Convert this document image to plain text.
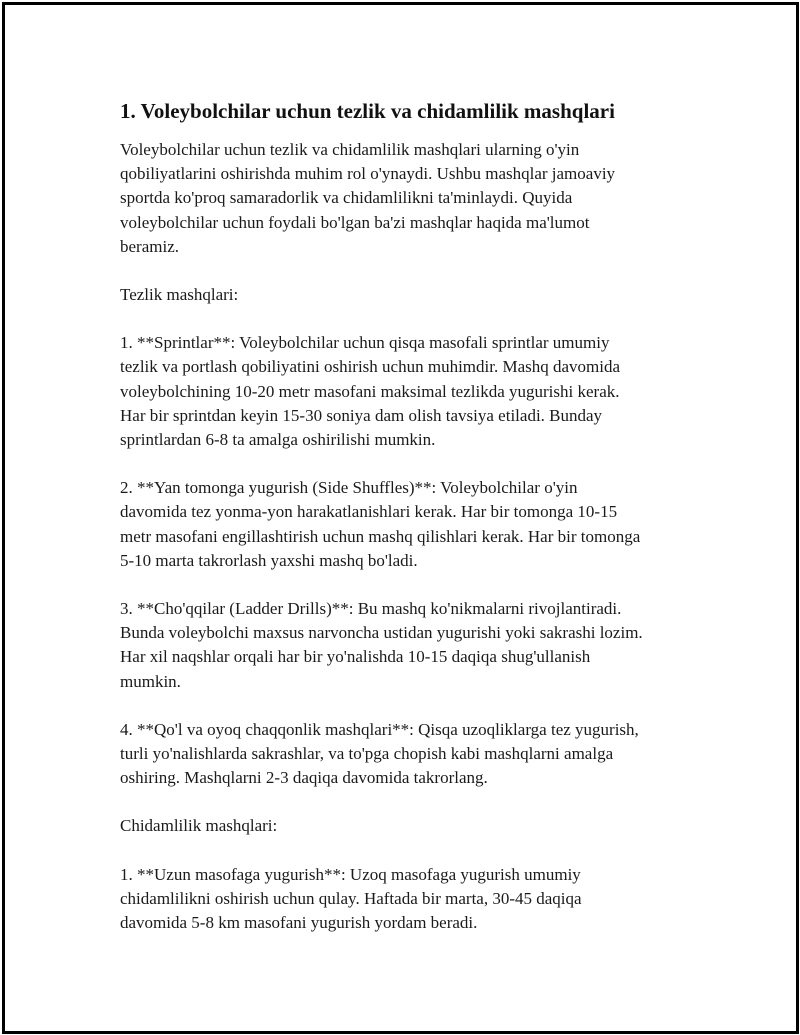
1. Voleybolchilar uchun tezlik va chidamlilik mashqlari

Voleybolchilar uchun tezlik va chidamlilik mashqlari ularning o'yin
qobiliyatlarini oshirishda muhim rol o'ynaydi. Ushbu mashqlar jamoaviy
sportda ko'proq samaradorlik va chidamlilikni ta'minlaydi. Quyida
voleybolchilar uchun foydali bo'lgan ba'zi mashqlar haqida ma'lumot
beramiz.

Tezlik mashqlari:

1. **Sprintlar**: Voleybolchilar uchun qisqa masofali sprintlar umumiy
tezlik va portlash qobiliyatini oshirish uchun muhimdir. Mashq davomida
voleybolchining 10-20 metr masofani maksimal tezlikda yugurishi kerak.
Har bir sprintdan keyin 15-30 soniya dam olish tavsiya etiladi. Bunday
sprintlardan 6-8 ta amalga oshirilishi mumkin.

2. **Yan tomonga yugurish (Side Shuffles)**: Voleybolchilar o'yin
davomida tez yonma-yon harakatlanishlari kerak. Har bir tomonga 10-15
metr masofani engillashtirish uchun mashq qilishlari kerak. Har bir tomonga
5-10 marta takrorlash yaxshi mashq bo'ladi.

3. **Cho'qqilar (Ladder Drills)**: Bu mashq ko'nikmalarni rivojlantiradi.
Bunda voleybolchi maxsus narvoncha ustidan yugurishi yoki sakrashi lozim.
Har xil naqshlar orqali har bir yo'nalishda 10-15 daqiqa shug'ullanish
mumkin.

4. **Qo'l va oyoq chaqqonlik mashqlari**: Qisqa uzoqliklarga tez yugurish,
turli yo'nalishlarda sakrashlar, va to'pga chopish kabi mashqlarni amalga
oshiring. Mashqlarni 2-3 daqiqa davomida takrorlang.

Chidamlilik mashqlari:

1. **Uzun masofaga yugurish**: Uzoq masofaga yugurish umumiy
chidamlilikni oshirish uchun qulay. Haftada bir marta, 30-45 daqiqa
davomida 5-8 km masofani yugurish yordam beradi.
